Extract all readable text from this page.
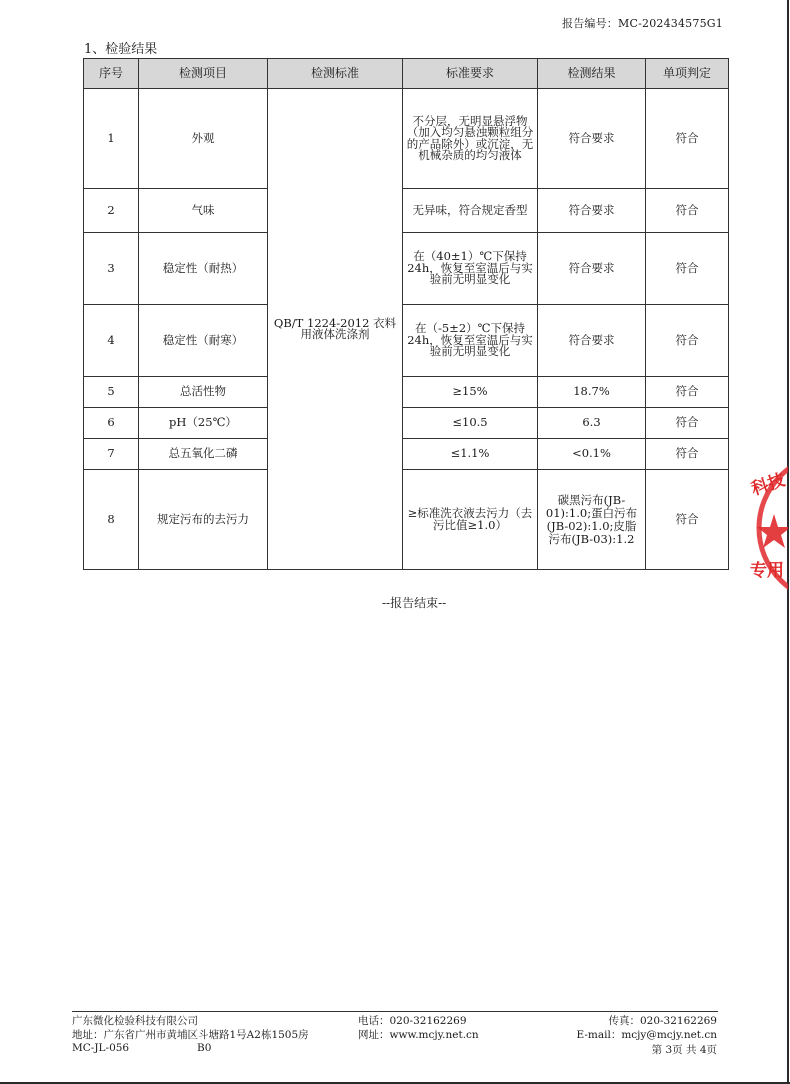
报告编号：MC-202434575G1
1、检验结果
序号	检测项目	检测标准	标准要求	检测结果	单项判定
1	外观	QB/T 1224-2012 衣料用液体洗涤剂	不分层，无明显悬浮物（加入均匀悬浊颗粒组分的产品除外）或沉淀，无机械杂质的均匀液体	符合要求	符合
2	气味		无异味，符合规定香型	符合要求	符合
3	稳定性（耐热）		在（40±1）℃下保持24h，恢复至室温后与实验前无明显变化	符合要求	符合
4	稳定性（耐寒）		在（-5±2）℃下保持24h，恢复至室温后与实验前无明显变化	符合要求	符合
5	总活性物		≥15%	18.7%	符合
6	pH（25℃）		≤10.5	6.3	符合
7	总五氧化二磷		≤1.1%	<0.1%	符合
8	规定污布的去污力		≥标准洗衣液去污力（去污比值≥1.0）	碳黑污布(JB-01):1.0;蛋白污布(JB-02):1.0;皮脂污布(JB-03):1.2	符合
--报告结束--
科技
专用
广东微化检验科技有限公司
地址：广东省广州市黄埔区斗塘路1号A2栋1505房
MC-JL-056	B0
电话：020-32162269
网址：www.mcjy.net.cn
传真：020-32162269
E-mail：mcjy@mcjy.net.cn
第 3页 共 4页
